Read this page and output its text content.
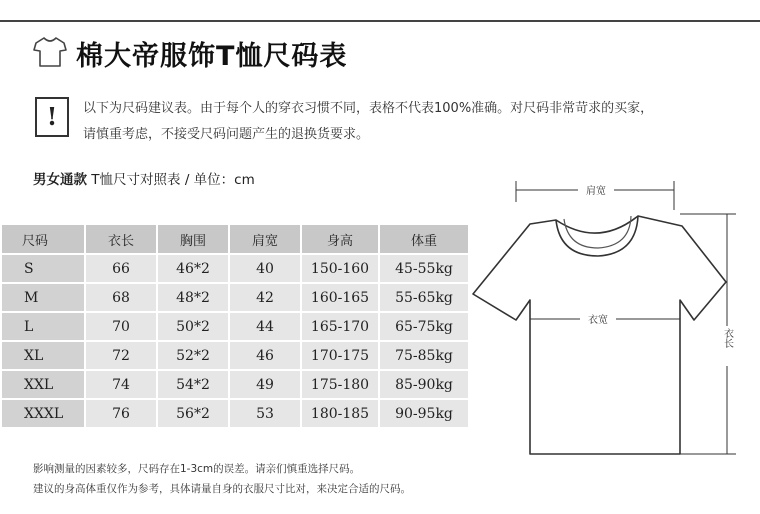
棉大帝服饰T恤尺码表
!	以下为尺码建议表。由于每个人的穿衣习惯不同，表格不代表100%准确。对尺码非常苛求的买家，
请慎重考虑，不接受尺码问题产生的退换货要求。
男女通款 T恤尺寸对照表 / 单位：cm
尺码	衣长	胸围	肩宽	身高	体重
S	66	46*2	40	150-160	45-55kg
M	68	48*2	42	160-165	55-65kg
L	70	50*2	44	165-170	65-75kg
XL	72	52*2	46	170-175	75-85kg
XXL	74	54*2	49	175-180	85-90kg
XXXL	76	56*2	53	180-185	90-95kg
肩宽
衣宽
衣长
影响测量的因素较多，尺码存在1-3cm的误差。请亲们慎重选择尺码。
建议的身高体重仅作为参考，具体请量自身的衣服尺寸比对，来决定合适的尺码。
